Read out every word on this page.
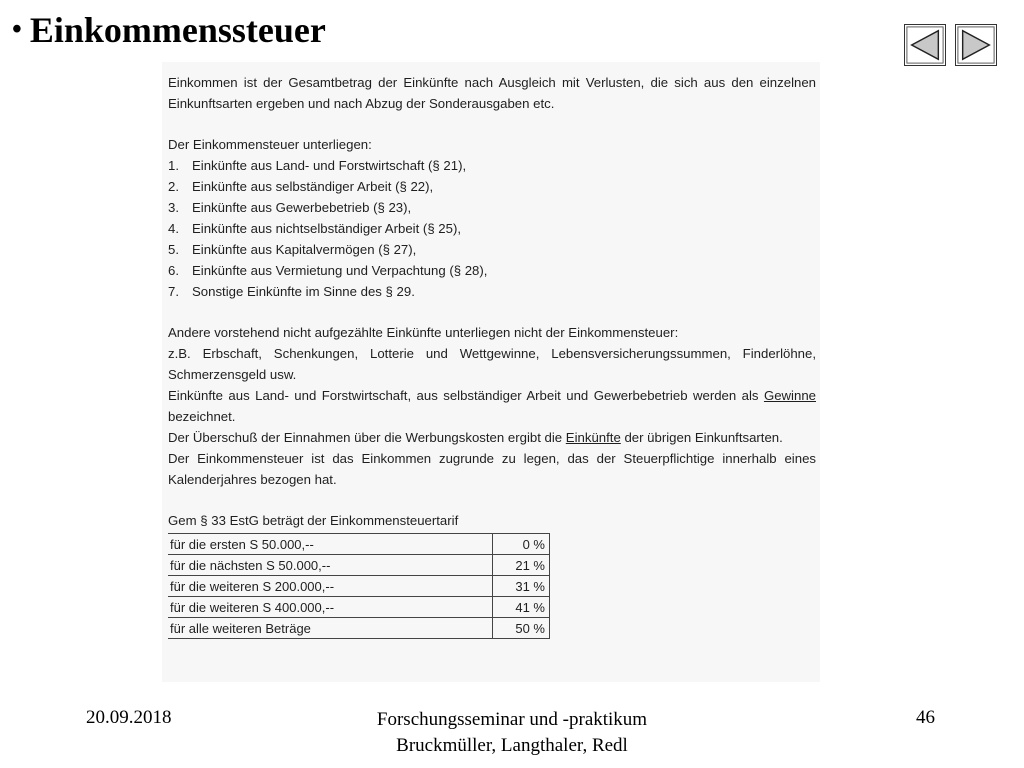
• Einkommenssteuer

Einkommen ist der Gesamtbetrag der Einkünfte nach Ausgleich mit Verlusten, die sich aus den einzelnen Einkunftsarten ergeben und nach Abzug der Sonderausgaben etc.

Der Einkommensteuer unterliegen:

1. Einkünfte aus Land- und Forstwirtschaft (§ 21),
2. Einkünfte aus selbständiger Arbeit (§ 22),
3. Einkünfte aus Gewerbebetrieb (§ 23),
4. Einkünfte aus nichtselbständiger Arbeit (§ 25),
5. Einkünfte aus Kapitalvermögen (§ 27),
6. Einkünfte aus Vermietung und Verpachtung (§ 28),
7. Sonstige Einkünfte im Sinne des § 29.

Andere vorstehend nicht aufgezählte Einkünfte unterliegen nicht der Einkommensteuer:

z.B. Erbschaft, Schenkungen, Lotterie und Wettgewinne, Lebensversicherungssummen, Finderlöhne, Schmerzensgeld usw.

Einkünfte aus Land- und Forstwirtschaft, aus selbständiger Arbeit und Gewerbebetrieb werden als Gewinne bezeichnet.

Der Überschuß der Einnahmen über die Werbungskosten ergibt die Einkünfte der übrigen Einkunftsarten.

Der Einkommensteuer ist das Einkommen zugrunde zu legen, das der Steuerpflichtige innerhalb eines Kalenderjahres bezogen hat.

Gem § 33 EstG beträgt der Einkommensteuertarif

für die ersten S 50.000,--	0 %
für die nächsten S 50.000,--	21 %
für die weiteren S 200.000,--	31 %
für die weiteren S 400.000,--	41 %
für alle weiteren Beträge	50 %
20.09.2018	Forschungsseminar und -praktikum
Bruckmüller, Langthaler, Redl
46
